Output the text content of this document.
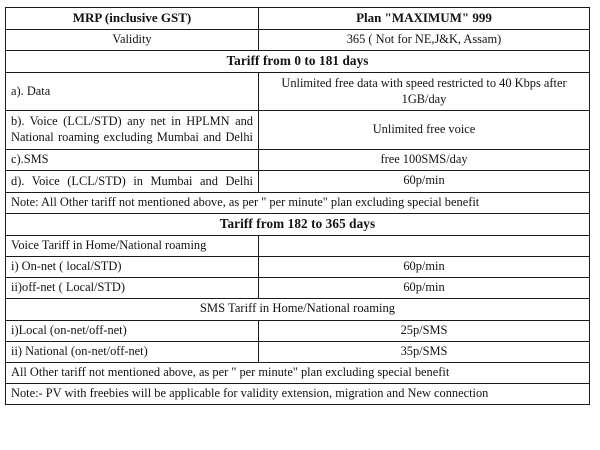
MRP (inclusive GST)	Plan "MAXIMUM" 999
Validity	365 ( Not for NE,J&K, Assam)
Tariff from 0 to 181 days	
a). Data	Unlimited free data with speed restricted to 40 Kbps after 1GB/day
b). Voice (LCL/STD) any net in HPLMN and National roaming excluding Mumbai and Delhi	Unlimited free voice
c).SMS	free 100SMS/day
d). Voice (LCL/STD) in Mumbai and Delhi	60p/min
Note: All Other tariff not mentioned above, as per " per minute" plan excluding special benefit	
Tariff from 182 to 365 days	
Voice Tariff in Home/National roaming	
i) On-net ( local/STD)	60p/min
ii)off-net ( Local/STD)	60p/min
SMS Tariff in Home/National roaming	
i)Local (on-net/off-net)	25p/SMS
ii) National (on-net/off-net)	35p/SMS
All Other tariff not mentioned above, as per " per minute" plan excluding special benefit	
Note:- PV with freebies will be applicable for validity extension, migration and New connection	
